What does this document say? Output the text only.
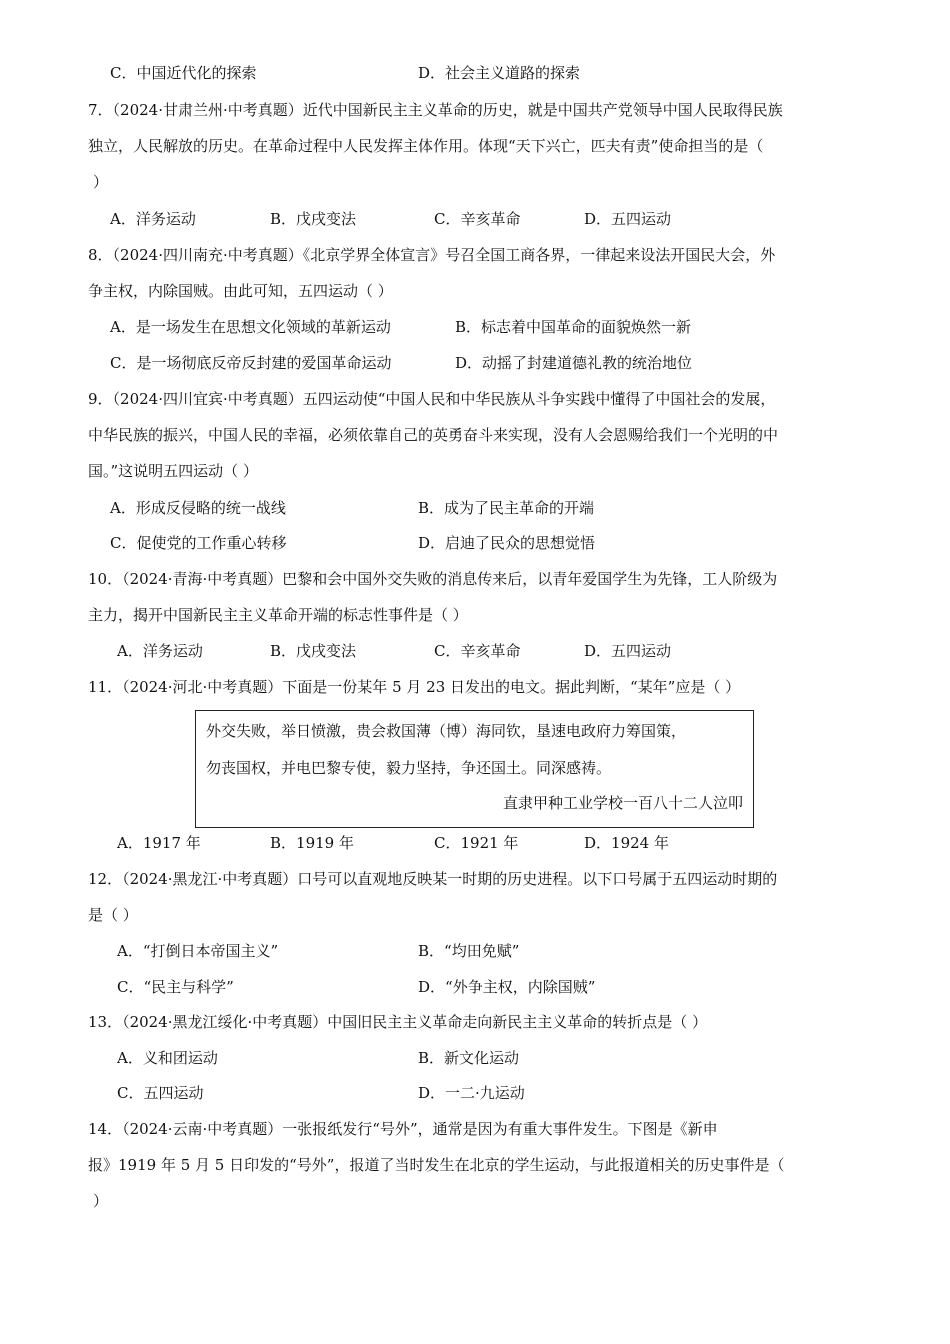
C．中国近代化的探索	D．社会主义道路的探索
7．（2024·甘肃兰州·中考真题）近代中国新民主主义革命的历史，就是中国共产党领导中国人民取得民族
独立，人民解放的历史。在革命过程中人民发挥主体作用。体现“天下兴亡，匹夫有责”使命担当的是（
）
A．洋务运动	B．戊戌变法	C．辛亥革命	D．五四运动
8．（2024·四川南充·中考真题）《北京学界全体宣言》号召全国工商各界，一律起来设法开国民大会，外
争主权，内除国贼。由此可知，五四运动（ ）
A．是一场发生在思想文化领域的革新运动	B．标志着中国革命的面貌焕然一新
C．是一场彻底反帝反封建的爱国革命运动	D．动摇了封建道德礼教的统治地位
9．（2024·四川宜宾·中考真题）五四运动使“中国人民和中华民族从斗争实践中懂得了中国社会的发展，
中华民族的振兴，中国人民的幸福，必须依靠自己的英勇奋斗来实现，没有人会恩赐给我们一个光明的中
国。”这说明五四运动（ ）
A．形成反侵略的统一战线	B．成为了民主革命的开端
C．促使党的工作重心转移	D．启迪了民众的思想觉悟
10．（2024·青海·中考真题）巴黎和会中国外交失败的消息传来后，以青年爱国学生为先锋，工人阶级为
主力，揭开中国新民主主义革命开端的标志性事件是（ ）
A．洋务运动	B．戊戌变法	C．辛亥革命	D．五四运动
11．（2024·河北·中考真题）下面是一份某年 5 月 23 日发出的电文。据此判断，“某年”应是（ ）
外交失败，举日愤激，贵会救国薄（博）海同钦，垦速电政府力筹国策，
勿丧国权，并电巴黎专使，毅力坚持，争还国土。同深感祷。
直隶甲种工业学校一百八十二人泣叩
A．1917 年	B．1919 年	C．1921 年	D．1924 年
12．（2024·黑龙江·中考真题）口号可以直观地反映某一时期的历史进程。以下口号属于五四运动时期的
是（ ）
A．“打倒日本帝国主义”	B．“均田免赋”
C．“民主与科学”	D．“外争主权，内除国贼”
13．（2024·黑龙江绥化·中考真题）中国旧民主主义革命走向新民主主义革命的转折点是（ ）
A．义和团运动	B．新文化运动
C．五四运动	D．一二·九运动
14．（2024·云南·中考真题）一张报纸发行“号外”，通常是因为有重大事件发生。下图是《新申
报》1919 年 5 月 5 日印发的“号外”，报道了当时发生在北京的学生运动，与此报道相关的历史事件是（
）
